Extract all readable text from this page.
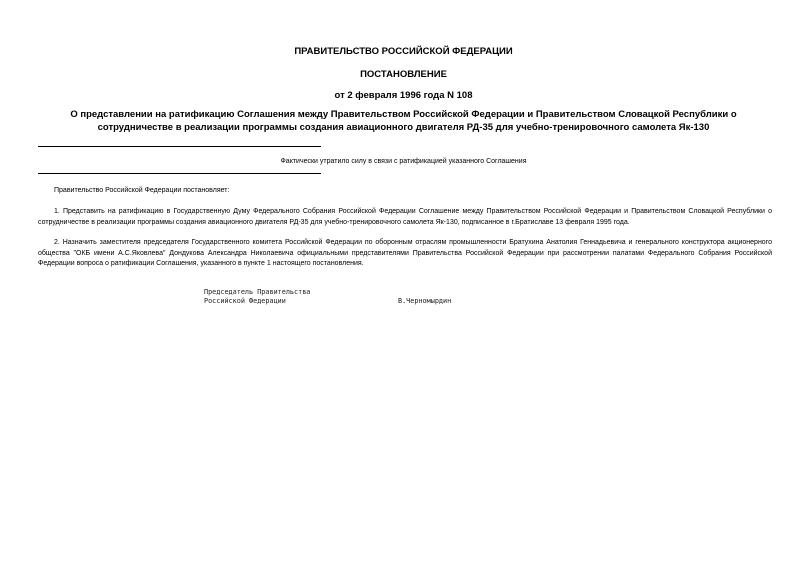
ПРАВИТЕЛЬСТВО РОССИЙСКОЙ ФЕДЕРАЦИИ
ПОСТАНОВЛЕНИЕ
от 2 февраля 1996 года N 108
О представлении на ратификацию Соглашения между Правительством Российской Федерации и Правительством Словацкой Республики о сотрудничестве в реализации программы создания авиационного двигателя РД-35 для учебно-тренировочного самолета Як-130
Фактически утратило силу в связи с ратификацией указанного Соглашения
Правительство Российской Федерации постановляет:
1. Представить на ратификацию в Государственную Думу Федерального Собрания Российской Федерации Соглашение между Правительством Российской Федерации и Правительством Словацкой Республики о сотрудничестве в реализации программы создания авиационного двигателя РД-35 для учебно-тренировочного самолета Як-130, подписанное в г.Братиславе 13 февраля 1995 года.
2. Назначить заместителя председателя Государственного комитета Российской Федерации по оборонным отраслям промышленности Братухина Анатолия Геннадьевича и генерального конструктора акционерного общества "ОКБ имени А.С.Яковлева" Дондукова Александра Николаевича официальными представителями Правительства Российской Федерации при рассмотрении палатами Федерального Собрания Российской Федерации вопроса о ратификации Соглашения, указанного в пункте 1 настоящего постановления.
Председатель Правительства
Российской Федерации	В.Черномырдин
